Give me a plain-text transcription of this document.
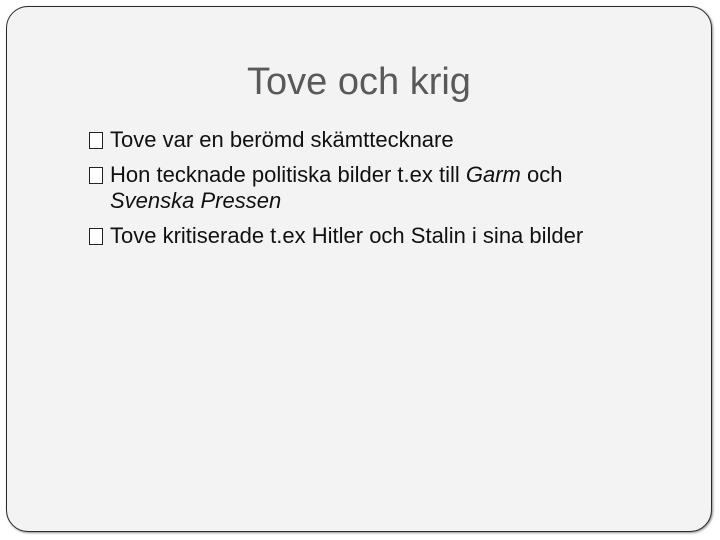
Tove och krig
Tove var en berömd skämttecknare
Hon tecknade politiska bilder t.ex till Garm och
Svenska Pressen
Tove kritiserade t.ex Hitler och Stalin i sina bilder
